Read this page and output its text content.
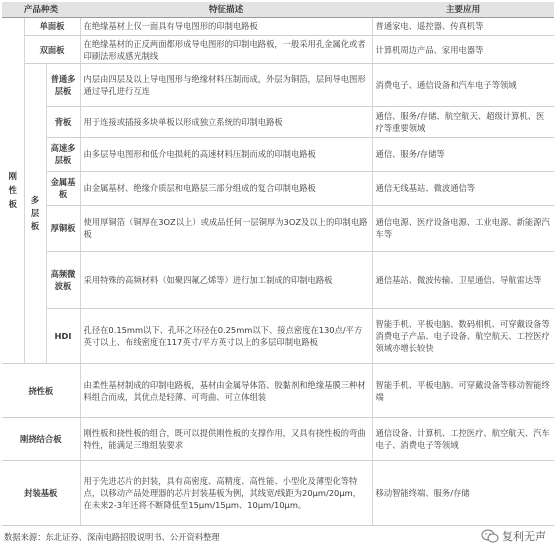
产品种类			特征描述	主要应用
刚性板	单面板		在绝缘基材上仅一面具有导电图形的印制电路板	普通家电、遥控器、传真机等
	双面板		在绝缘基材的正反两面都形成导电图形的印制电路板，一般采用孔金属化或者印刷法形成感光制线	计算机周边产品、家用电器等
	多层板	普通多层板	内层由四层及以上导电图形与绝缘材料压制而成，外层为铜箔，层间导电图形通过导孔进行互连	消费电子、通信设备和汽车电子等领域
		背板	用于连接或插接多块单板以形成独立系统的印制电路板	通信、服务/存储、航空航天、超级计算机、医疗等重要领域
		高速多层板	由多层导电图形和低介电损耗的高速材料压制而成的印制电路板	通信、服务/存储等
		金属基板	由金属基材、绝缘介质层和电路层三部分组成的复合印制电路板	通信无线基站、微波通信等
		厚铜板	使用厚铜箔（铜厚在3OZ以上）或成品任何一层铜厚为3OZ及以上的印制电路板	通信电源、医疗设备电源、工业电源、新能源汽车等
		高频微波板	采用特殊的高频材料（如聚四氟乙烯等）进行加工制成的印制电路板	通信基站、微波传输、卫星通信、导航雷达等
		HDI	孔径在0.15mm以下、孔环之环径在0.25mm以下、接点密度在130点/平方英寸以上、布线密度在117英寸/平方英寸以上的多层印制电路板	智能手机、平板电脑、数码相机、可穿戴设备等消费电子产品、电子设备、航空航天、工控医疗领域亦增长较快
挠性板			由柔性基材制成的印制电路板，基材由金属导体箔、胶黏剂和绝缘基膜三种材料组合而成，其优点是轻薄、可弯曲、可立体组装	智能手机、平板电脑、可穿戴设备等移动智能终端
刚挠结合板			刚性板和挠性板的组合，既可以提供刚性板的支撑作用，又具有挠性板的弯曲特性，能满足三维组装要求	通信设备、计算机、工控医疗、航空航天、汽车电子、消费电子等领域
封装基板			用于先进芯片的封装，具有高密度、高精度、高性能、小型化及薄型化等特点，以移动产品处理器的芯片封装基板为例，其线宽/线距为20μm/20μm，在未来2-3年还将不断降低至15μm/15μm、10μm/10μm。	移动智能终端、服务/存储
数据来源：东北证券、深南电路招股说明书、公开资料整理	复利无声
